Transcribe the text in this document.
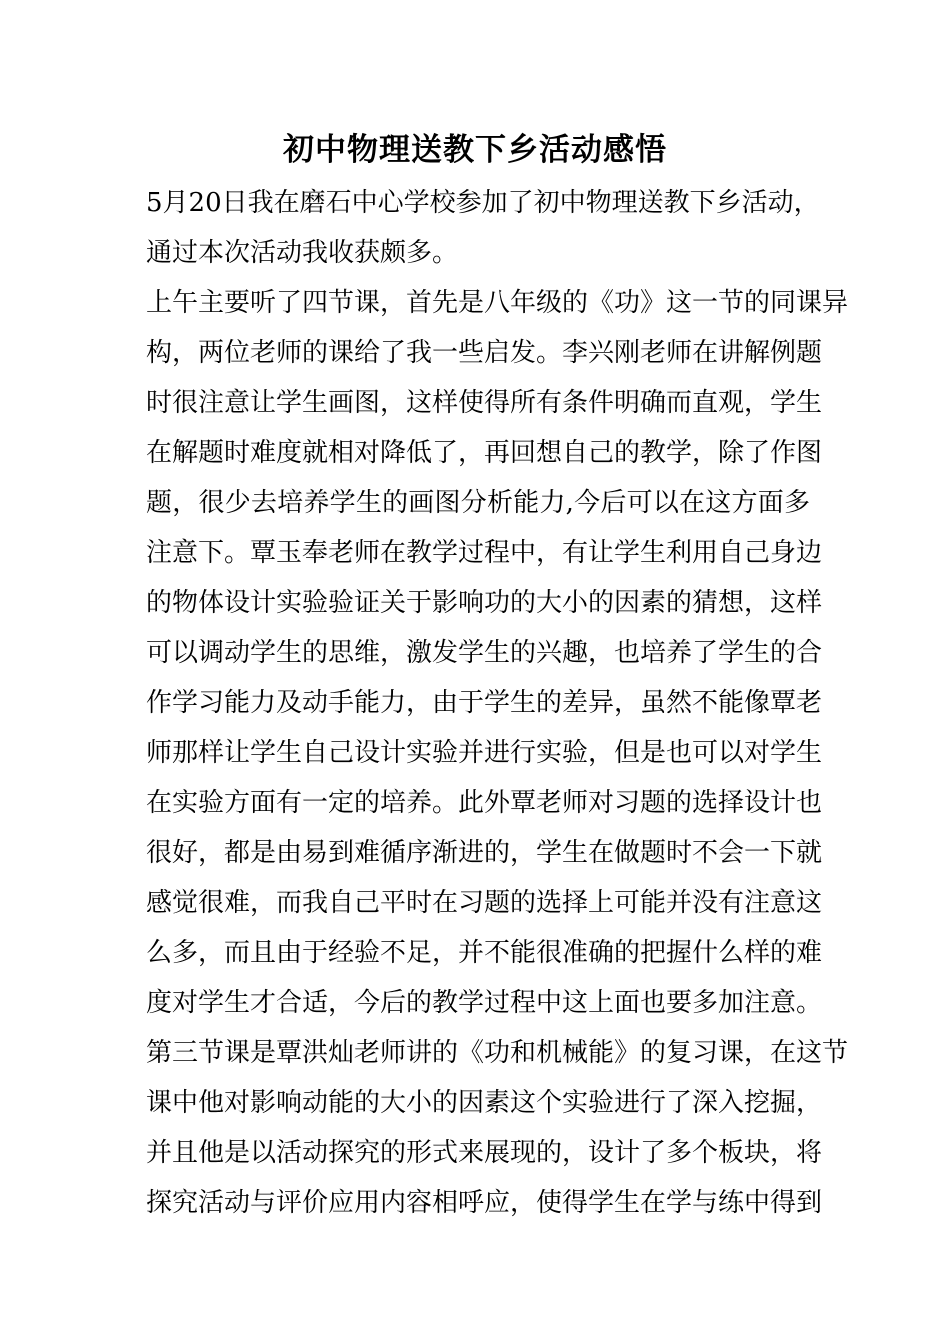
初中物理送教下乡活动感悟
5月20日我在磨石中心学校参加了初中物理送教下乡活动，
通过本次活动我收获颇多。
上午主要听了四节课，首先是八年级的《功》这一节的同课异
构，两位老师的课给了我一些启发。李兴刚老师在讲解例题
时很注意让学生画图，这样使得所有条件明确而直观，学生
在解题时难度就相对降低了，再回想自己的教学，除了作图
题，很少去培养学生的画图分析能力,今后可以在这方面多
注意下。覃玉奉老师在教学过程中，有让学生利用自己身边
的物体设计实验验证关于影响功的大小的因素的猜想，这样
可以调动学生的思维，激发学生的兴趣，也培养了学生的合
作学习能力及动手能力，由于学生的差异，虽然不能像覃老
师那样让学生自己设计实验并进行实验，但是也可以对学生
在实验方面有一定的培养。此外覃老师对习题的选择设计也
很好，都是由易到难循序渐进的，学生在做题时不会一下就
感觉很难，而我自己平时在习题的选择上可能并没有注意这
么多，而且由于经验不足，并不能很准确的把握什么样的难
度对学生才合适，今后的教学过程中这上面也要多加注意。
第三节课是覃洪灿老师讲的《功和机械能》的复习课，在这节
课中他对影响动能的大小的因素这个实验进行了深入挖掘，
并且他是以活动探究的形式来展现的，设计了多个板块，将
探究活动与评价应用内容相呼应，使得学生在学与练中得到
